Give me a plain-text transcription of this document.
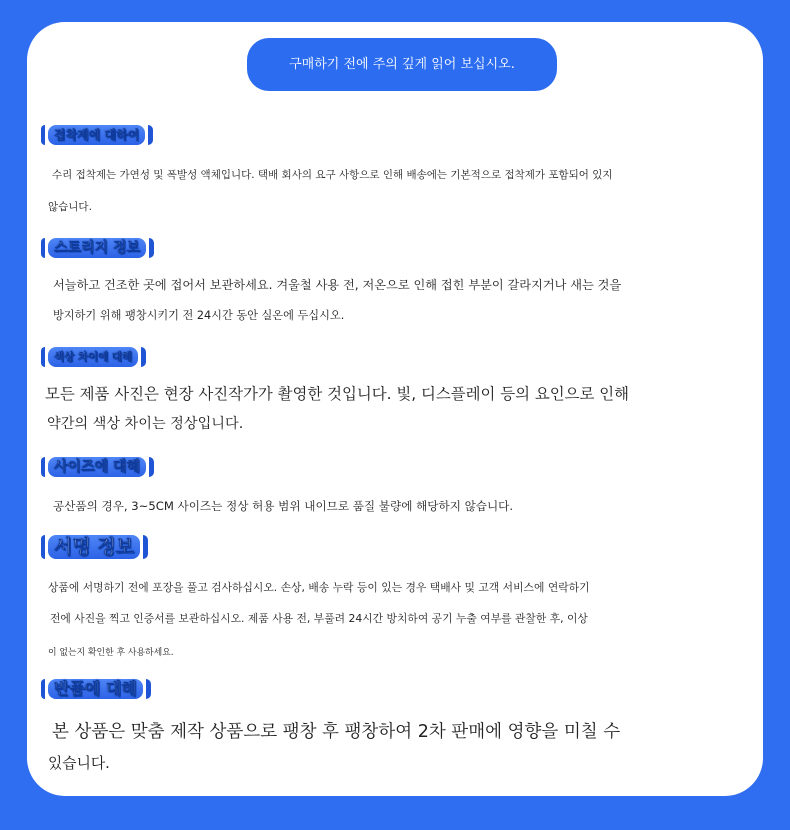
구매하기 전에 주의 깊게 읽어 보십시오.
접착제에 대하여

수리 접착제는 가연성 및 폭발성 액체입니다. 택배 회사의 요구 사항으로 인해 배송에는 기본적으로 접착제가 포함되어 있지

않습니다.

스토리지 정보

서늘하고 건조한 곳에 접어서 보관하세요. 겨울철 사용 전, 저온으로 인해 접힌 부분이 갈라지거나 새는 것을

방지하기 위해 팽창시키기 전 24시간 동안 실온에 두십시오.

색상 차이에 대해

모든 제품 사진은 현장 사진작가가 촬영한 것입니다. 빛, 디스플레이 등의 요인으로 인해

약간의 색상 차이는 정상입니다.

사이즈에 대해

공산품의 경우, 3~5CM 사이즈는 정상 허용 범위 내이므로 품질 불량에 해당하지 않습니다.

서명 정보

상품에 서명하기 전에 포장을 풀고 검사하십시오. 손상, 배송 누락 등이 있는 경우 택배사 및 고객 서비스에 연락하기

전에 사진을 찍고 인증서를 보관하십시오. 제품 사용 전, 부풀려 24시간 방치하여 공기 누출 여부를 관찰한 후, 이상

이 없는지 확인한 후 사용하세요.

반품에 대해

본 상품은 맞춤 제작 상품으로 팽창 후 팽창하여 2차 판매에 영향을 미칠 수

있습니다.
